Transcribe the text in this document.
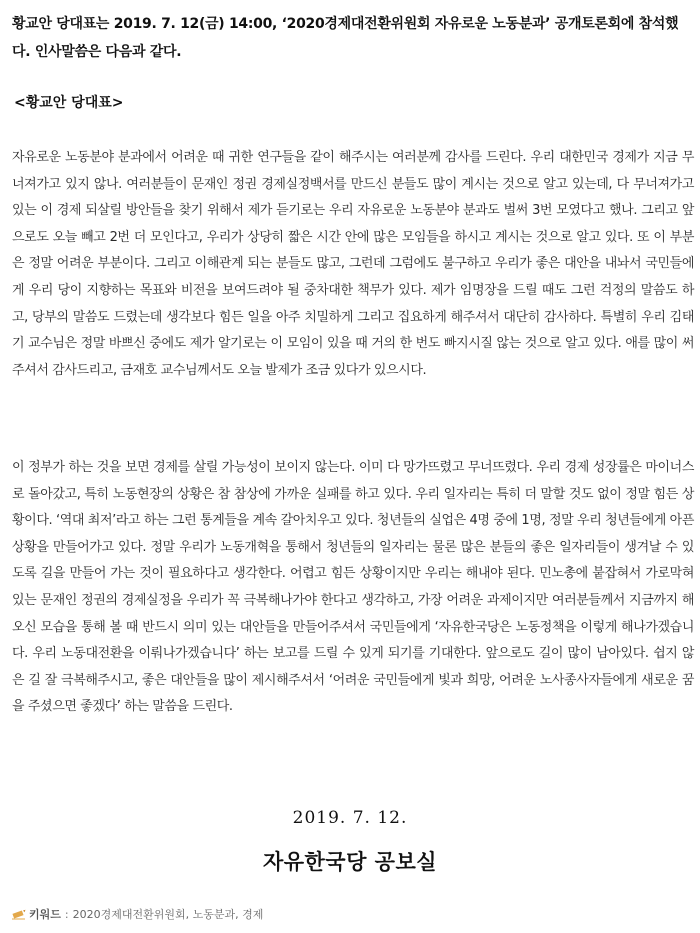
황교안 당대표는 2019. 7. 12(금) 14:00, ‘2020경제대전환위원회 자유로운 노동분과’ 공개토론회에 참석했다. 인사말씀은 다음과 같다.
<황교안 당대표>
자유로운 노동분야 분과에서 어려운 때 귀한 연구들을 같이 해주시는 여러분께 감사를 드린다. 우리 대한민국 경제가 지금 무너져가고 있지 않나. 여러분들이 문재인 정권 경제실정백서를 만드신 분들도 많이 계시는 것으로 알고 있는데, 다 무너져가고 있는 이 경제 되살릴 방안들을 찾기 위해서 제가 듣기로는 우리 자유로운 노동분야 분과도 벌써 3번 모였다고 했나. 그리고 앞으로도 오늘 빼고 2번 더 모인다고, 우리가 상당히 짧은 시간 안에 많은 모임들을 하시고 계시는 것으로 알고 있다. 또 이 부분은 정말 어려운 부분이다. 그리고 이해관계 되는 분들도 많고, 그런데 그럼에도 불구하고 우리가 좋은 대안을 내놔서 국민들에게 우리 당이 지향하는 목표와 비전을 보여드려야 될 중차대한 책무가 있다. 제가 임명장을 드릴 때도 그런 걱정의 말씀도 하고, 당부의 말씀도 드렸는데 생각보다 힘든 일을 아주 치밀하게 그리고 집요하게 해주셔서 대단히 감사하다. 특별히 우리 김태기 교수님은 정말 바쁘신 중에도 제가 알기로는 이 모임이 있을 때 거의 한 번도 빠지시질 않는 것으로 알고 있다. 애를 많이 써주셔서 감사드리고, 금재호 교수님께서도 오늘 발제가 조금 있다가 있으시다.
이 정부가 하는 것을 보면 경제를 살릴 가능성이 보이지 않는다. 이미 다 망가뜨렸고 무너뜨렸다. 우리 경제 성장률은 마이너스로 돌아갔고, 특히 노동현장의 상황은 참 참상에 가까운 실패를 하고 있다. 우리 일자리는 특히 더 말할 것도 없이 정말 힘든 상황이다. ‘역대 최저’라고 하는 그런 통계들을 계속 갈아치우고 있다. 청년들의 실업은 4명 중에 1명, 정말 우리 청년들에게 아픈 상황을 만들어가고 있다. 정말 우리가 노동개혁을 통해서 청년들의 일자리는 물론 많은 분들의 좋은 일자리들이 생겨날 수 있도록 길을 만들어 가는 것이 필요하다고 생각한다. 어렵고 힘든 상황이지만 우리는 해내야 된다. 민노총에 붙잡혀서 가로막혀있는 문재인 정권의 경제실정을 우리가 꼭 극복해나가야 한다고 생각하고, 가장 어려운 과제이지만 여러분들께서 지금까지 해오신 모습을 통해 볼 때 반드시 의미 있는 대안들을 만들어주셔서 국민들에게 ‘자유한국당은 노동정책을 이렇게 해나가겠습니다. 우리 노동대전환을 이뤄나가겠습니다’ 하는 보고를 드릴 수 있게 되기를 기대한다. 앞으로도 길이 많이 남아있다. 쉽지 않은 길 잘 극복해주시고, 좋은 대안들을 많이 제시해주셔서 ‘어려운 국민들에게 빛과 희망, 어려운 노사종사자들에게 새로운 꿈을 주셨으면 좋겠다’ 하는 말씀을 드린다.
2019. 7. 12.
자유한국당 공보실
키워드 : 2020경제대전환위원회, 노동분과, 경제
